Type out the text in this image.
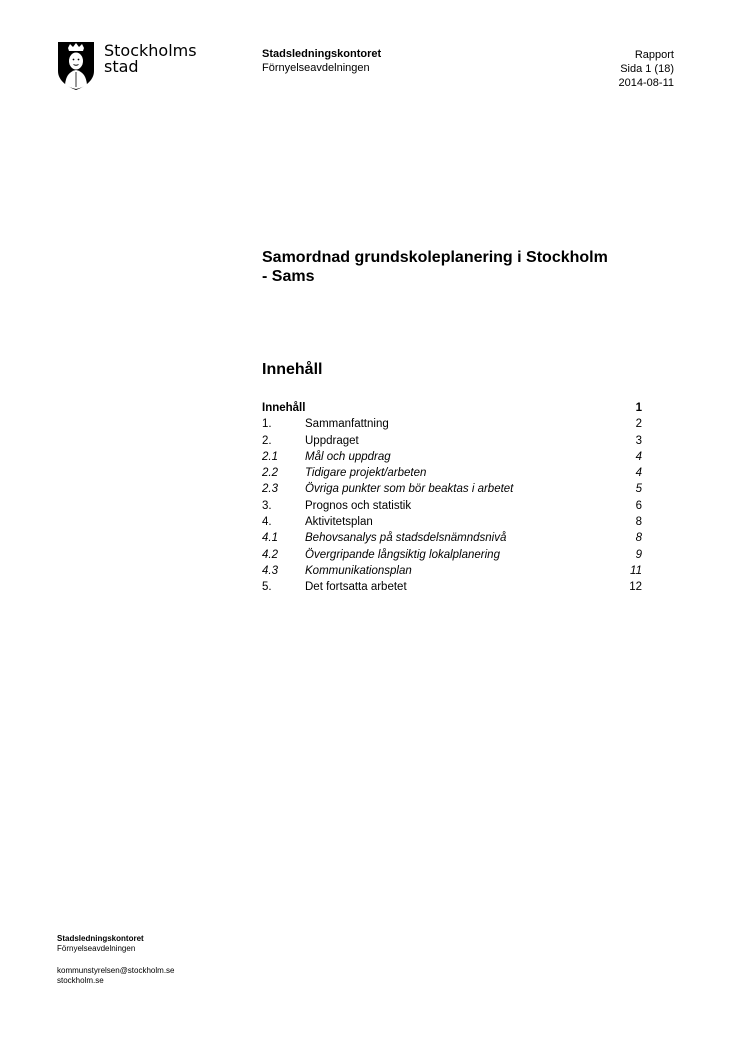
Stockholms
stad
Stadsledningskontoret
Förnyelseavdelningen
Rapport
Sida 1 (18)
2014-08-11
Samordnad grundskoleplanering i Stockholm
- Sams
Innehåll
Innehåll	1
1.	Sammanfattning	2
2.	Uppdraget	3
2.1 Mål och uppdrag	4
2.2 Tidigare projekt/arbeten	4
2.3 Övriga punkter som bör beaktas i arbetet	5
3.	Prognos och statistik	6
4.	Aktivitetsplan	8
4.1 Behovsanalys på stadsdelsnämndsnivå	8
4.2 Övergripande långsiktig lokalplanering	9
4.3 Kommunikationsplan	11
5.	Det fortsatta arbetet	12
Stadsledningskontoret
Förnyelseavdelningen
kommunstyrelsen@stockholm.se
stockholm.se
